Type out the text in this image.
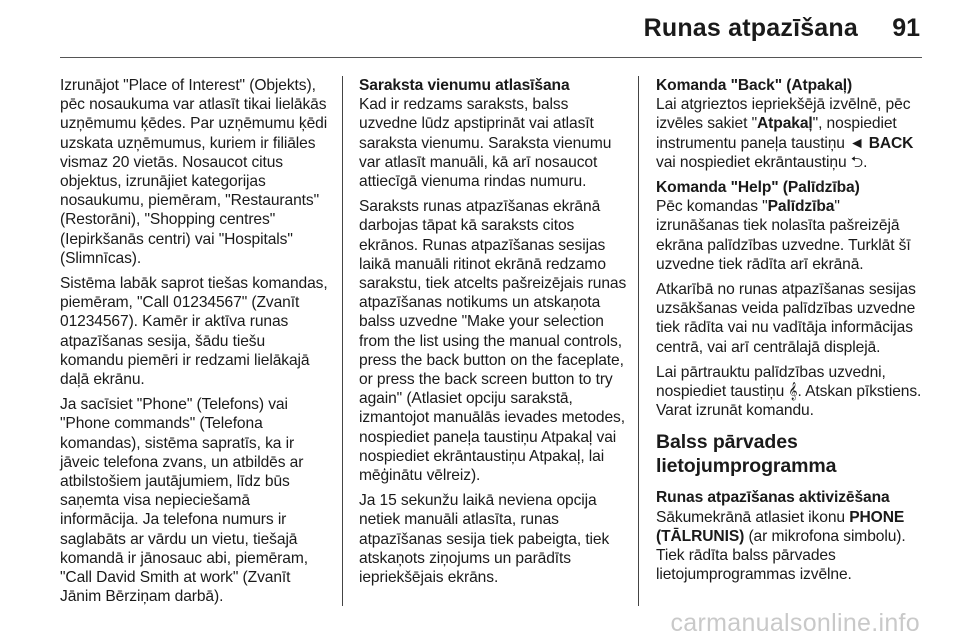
Runas atpazīšana 91

Izrunājot "Place of Interest" (Objekts), pēc nosaukuma var atlasīt tikai lielākās uzņēmumu ķēdes. Par uzņēmumu ķēdi uzskata uzņēmumus, kuriem ir filiāles vismaz 20 vietās. Nosaucot citus objektus, izrunājiet kategorijas nosaukumu, piemēram, "Restaurants" (Restorāni), "Shopping centres" (Iepirkšanās centri) vai "Hospitals" (Slimnīcas).

Sistēma labāk saprot tiešas komandas, piemēram, "Call 01234567" (Zvanīt 01234567). Kamēr ir aktīva runas atpazīšanas sesija, šādu tiešu komandu piemēri ir redzami lielākajā daļā ekrānu.

Ja sacīsiet "Phone" (Telefons) vai "Phone commands" (Telefona komandas), sistēma sapratīs, ka ir jāveic telefona zvans, un atbildēs ar atbilstošiem jautājumiem, līdz būs saņemta visa nepieciešamā informācija. Ja telefona numurs ir saglabāts ar vārdu un vietu, tiešajā komandā ir jānosauc abi, piemēram, "Call David Smith at work" (Zvanīt Jānim Bērziņam darbā).

Saraksta vienumu atlasīšana

Kad ir redzams saraksts, balss uzvedne lūdz apstiprināt vai atlasīt saraksta vienumu. Saraksta vienumu var atlasīt manuāli, kā arī nosaucot attiecīgā vienuma rindas numuru.

Saraksts runas atpazīšanas ekrānā darbojas tāpat kā saraksts citos ekrānos. Runas atpazīšanas sesijas laikā manuāli ritinot ekrānā redzamo sarakstu, tiek atcelts pašreizējais runas atpazīšanas notikums un atskaņota balss uzvedne "Make your selection from the list using the manual controls, press the back button on the faceplate, or press the back screen button to try again" (Atlasiet opciju sarakstā, izmantojot manuālās ievades metodes, nospiediet paneļa taustiņu Atpakaļ vai nospiediet ekrāntaustiņu Atpakaļ, lai mēģinātu vēlreiz).

Ja 15 sekunžu laikā neviena opcija netiek manuāli atlasīta, runas atpazīšanas sesija tiek pabeigta, tiek atskaņots ziņojums un parādīts iepriekšējais ekrāns.

Komanda "Back" (Atpakaļ)

Lai atgrieztos iepriekšējā izvēlnē, pēc izvēles sakiet "Atpakaļ", nospiediet instrumentu paneļa taustiņu ◄ BACK vai nospiediet ekrāntaustiņu ⮌.

Komanda "Help" (Palīdzība)

Pēc komandas "Palīdzība" izrunāšanas tiek nolasīta pašreizējā ekrāna palīdzības uzvedne. Turklāt šī uzvedne tiek rādīta arī ekrānā.

Atkarībā no runas atpazīšanas sesijas uzsākšanas veida palīdzības uzvedne tiek rādīta vai nu vadītāja informācijas centrā, vai arī centrālajā displejā.

Lai pārtrauktu palīdzības uzvedni, nospiediet taustiņu 𝄞. Atskan pīkstiens. Varat izrunāt komandu.

Balss pārvades lietojumprogramma

Runas atpazīšanas aktivizēšana

Sākumekrānā atlasiet ikonu PHONE (TĀLRUNIS) (ar mikrofona simbolu). Tiek rādīta balss pārvades lietojumprogrammas izvēlne.

carmanualsonline.info
